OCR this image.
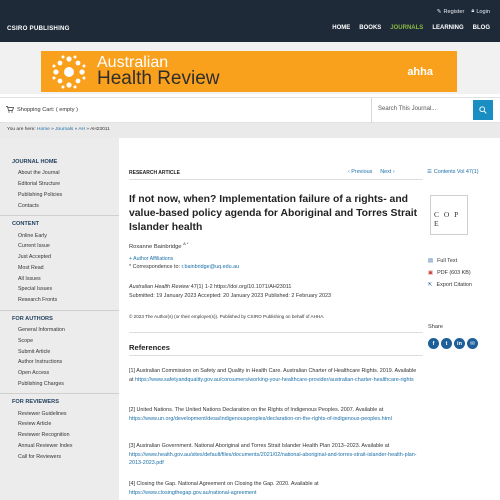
CSIRO PUBLISHING
✎ Register 🔒︎ Login
HOME BOOKS JOURNALS LEARNING BLOG
Australian
Health Review	ahha
Shopping Cart: ( empty )	Search This Journal...
You are here: Home » Journals » AH » AH23011
JOURNAL HOME
About the Journal
Editorial Structure
Publishing Policies
Contacts
CONTENT
Online Early
Current Issue
Just Accepted
Most Read
All Issues
Special Issues
Research Fronts
FOR AUTHORS
General Information
Scope
Submit Article
Author Instructions
Open Access
Publishing Charges
FOR REVIEWERS
Reviewer Guidelines
Review Article
Reviewer Recognition
Annual Reviewer Index
Call for Reviewers
RESEARCH ARTICLE	‹ Previous Next ›
If not now, when? Implementation failure of a rights- and value-based policy agenda for Aboriginal and Torres Strait Islander health
Roxanne Bainbridge $^{A *}$
+ Author Affiliations
* Correspondence to: r.bainbridge@uq.edu.au
Australian Health Review 47(1) 1-2 https://doi.org/10.1071/AH23011
Submitted: 19 January 2023 Accepted: 20 January 2023 Published: 2 February 2023
© 2023 The Author(s) (or their employer(s)). Published by CSIRO Publishing on behalf of AHHA.
References
[1] Australian Commission on Safety and Quality in Health Care. Australian Charter of Healthcare Rights. 2019. Available at https://www.safetyandquality.gov.au/consumers/working-your-healthcare-provider/australian-charter-healthcare-rights
[2] United Nations. The United Nations Declaration on the Rights of Indigenous Peoples. 2007. Available at https://www.un.org/development/desa/indigenouspeoples/declaration-on-the-rights-of-indigenous-peoples.html
[3] Australian Government. National Aboriginal and Torres Strait Islander Health Plan 2013–2023. Available at https://www.health.gov.au/sites/default/files/documents/2021/02/national-aboriginal-and-torres-strait-islander-health-plan-2013-2023.pdf
[4] Closing the Gap. National Agreement on Closing the Gap. 2020. Available at https://www.closingthegap.gov.au/national-agreement
☰ Contents Vol 47(1)
C O P E
▤ Full Text
▣ PDF (603 KB)
⇱ Export Citation
Share
f	t	in	✉
